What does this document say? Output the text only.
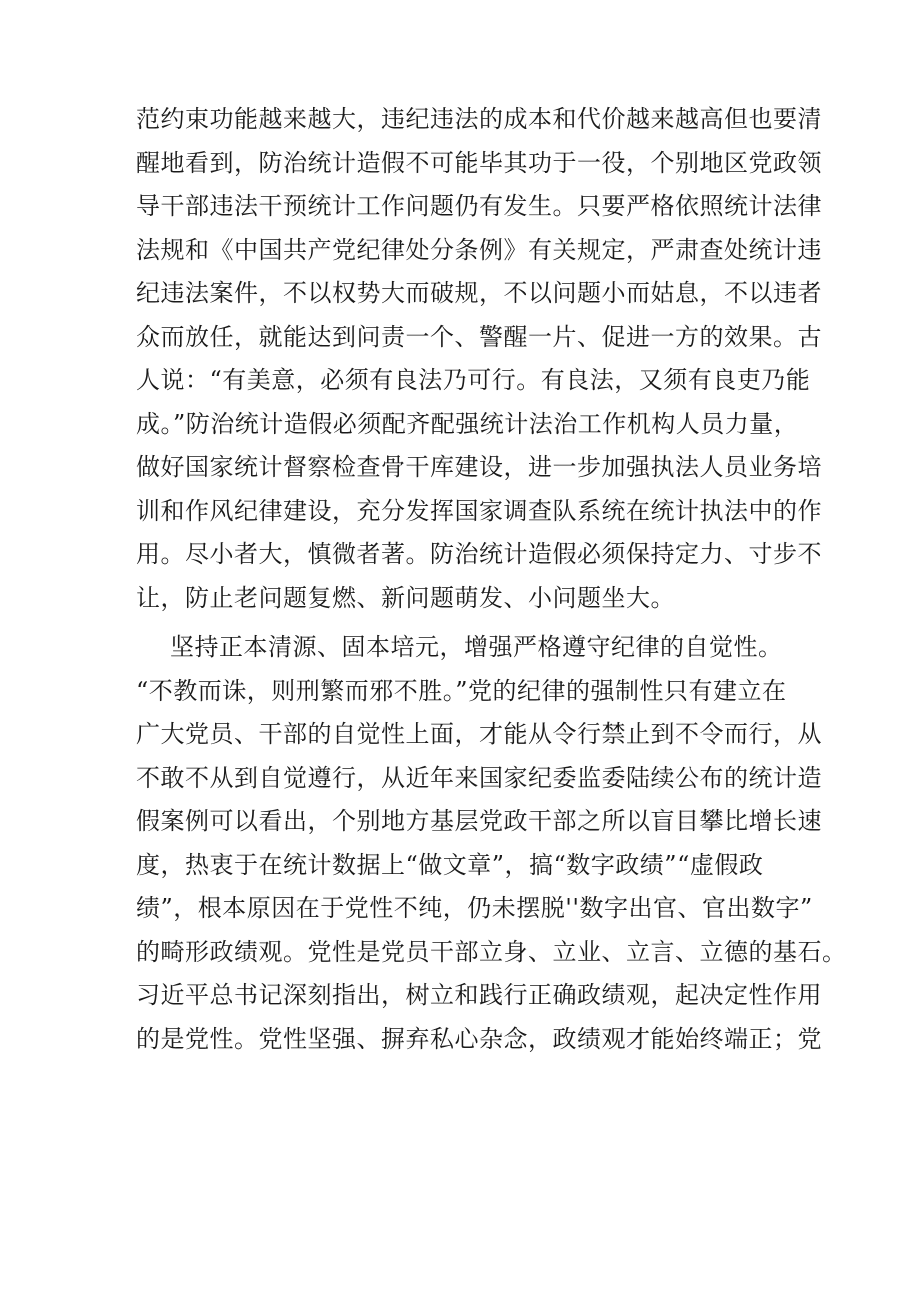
范约束功能越来越大，违纪违法的成本和代价越来越高但也要清
醒地看到，防治统计造假不可能毕其功于一役，个别地区党政领
导干部违法干预统计工作问题仍有发生。只要严格依照统计法律
法规和《中国共产党纪律处分条例》有关规定，严肃查处统计违
纪违法案件，不以权势大而破规，不以问题小而姑息，不以违者
众而放任，就能达到问责一个、警醒一片、促进一方的效果。古
人说：“有美意，必须有良法乃可行。有良法，又须有良吏乃能
成。”防治统计造假必须配齐配强统计法治工作机构人员力量，
做好国家统计督察检查骨干库建设，进一步加强执法人员业务培
训和作风纪律建设，充分发挥国家调查队系统在统计执法中的作
用。尽小者大，慎微者著。防治统计造假必须保持定力、寸步不
让，防止老问题复燃、新问题萌发、小问题坐大。
坚持正本清源、固本培元，增强严格遵守纪律的自觉性。
“不教而诛，则刑繁而邪不胜。”党的纪律的强制性只有建立在
广大党员、干部的自觉性上面，才能从令行禁止到不令而行，从
不敢不从到自觉遵行，从近年来国家纪委监委陆续公布的统计造
假案例可以看出，个别地方基层党政干部之所以盲目攀比增长速
度，热衷于在统计数据上“做文章”，搞“数字政绩”“虚假政
绩”，根本原因在于党性不纯，仍未摆脱''数字出官、官出数字”
的畸形政绩观。党性是党员干部立身、立业、立言、立德的基石。
习近平总书记深刻指出，树立和践行正确政绩观，起决定性作用
的是党性。党性坚强、摒弃私心杂念，政绩观才能始终端正；党
